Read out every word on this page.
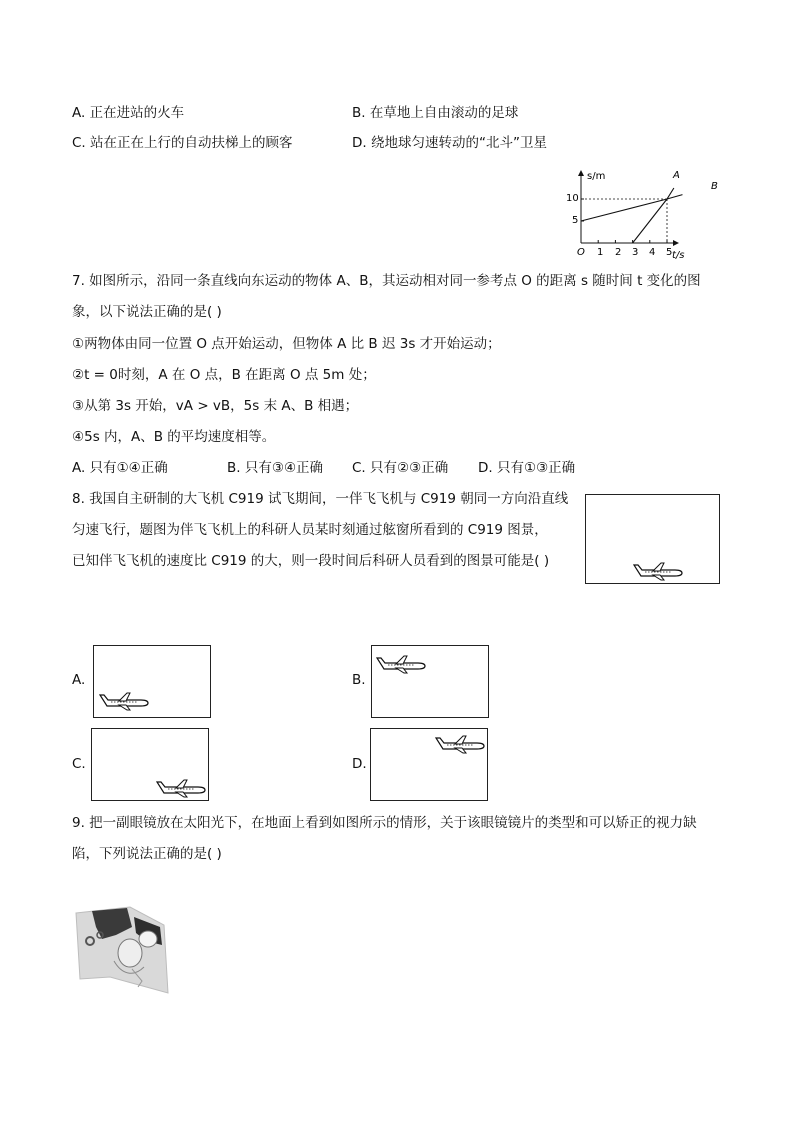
A. 正在进站的火车	B. 在草地上自由滚动的足球
C. 站在正在上行的自动扶梯上的顾客	D. 绕地球匀速转动的“北斗”卫星
s/m
t/s
O
10
5
1 2 3 4 5
A
B
7. 如图所示，沿同一条直线向东运动的物体 A、B，其运动相对同一参考点 O 的距离 s 随时间 t 变化的图
象，以下说法正确的是( )
①两物体由同一位置 O 点开始运动，但物体 A 比 B 迟 3s 才开始运动；
②t = 0时刻，A 在 O 点，B 在距离 O 点 5m 处；
③从第 3s 开始，vA > vB，5s 末 A、B 相遇；
④5s 内，A、B 的平均速度相等。
A. 只有①④正确	B. 只有③④正确 C. 只有②③正确 D. 只有①③正确
8. 我国自主研制的大飞机 C919 试飞期间，一伴飞飞机与 C919 朝同一方向沿直线
匀速飞行，题图为伴飞飞机上的科研人员某时刻通过舷窗所看到的 C919 图景，
已知伴飞飞机的速度比 C919 的大，则一段时间后科研人员看到的图景可能是( )
A.	B.
C.	D.
9. 把一副眼镜放在太阳光下，在地面上看到如图所示的情形，关于该眼镜镜片的类型和可以矫正的视力缺
陷，下列说法正确的是( )
